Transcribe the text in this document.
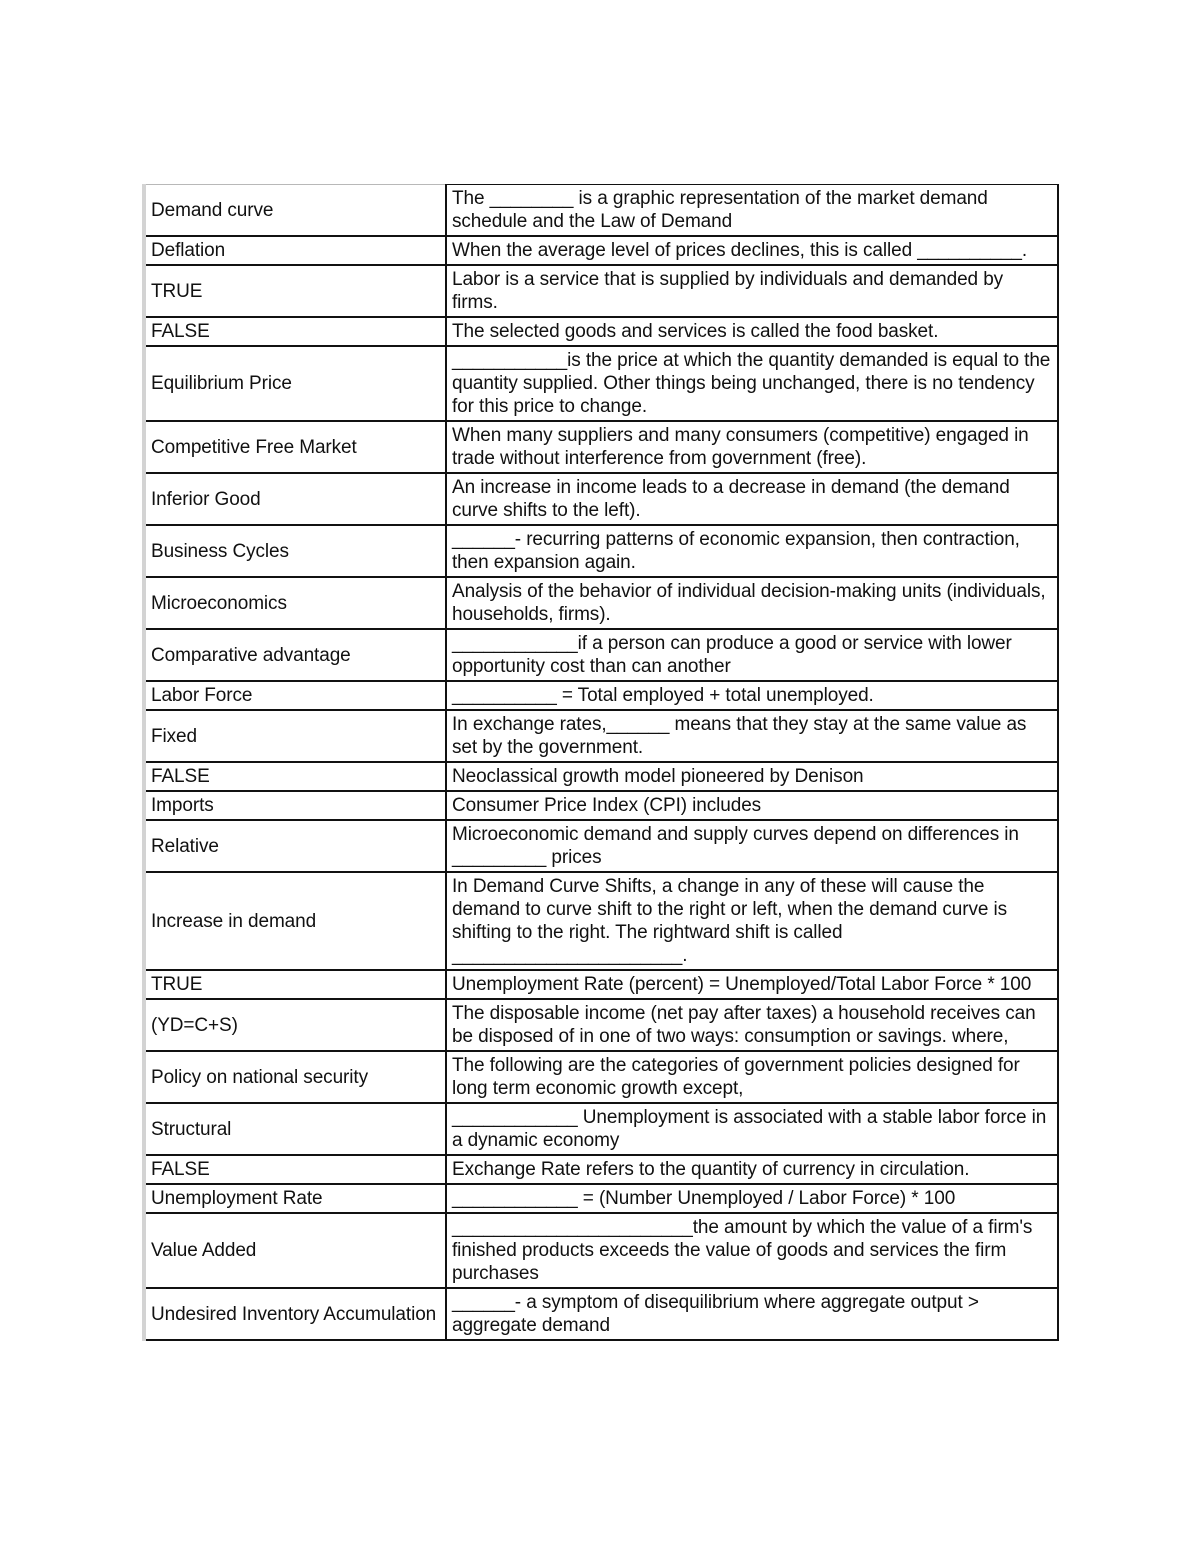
Demand curve	The ________ is a graphic representation of the market demand schedule and the Law of Demand
Deflation	When the average level of prices declines, this is called __________.
TRUE	Labor is a service that is supplied by individuals and demanded by firms.
FALSE	The selected goods and services is called the food basket.
Equilibrium Price	___________is the price at which the quantity demanded is equal to the quantity supplied. Other things being unchanged, there is no tendency for this price to change.
Competitive Free Market	When many suppliers and many consumers (competitive) engaged in trade without interference from government (free).
Inferior Good	An increase in income leads to a decrease in demand (the demand curve shifts to the left).
Business Cycles	______- recurring patterns of economic expansion, then contraction, then expansion again.
Microeconomics	Analysis of the behavior of individual decision-making units (individuals, households, firms).
Comparative advantage	____________if a person can produce a good or service with lower opportunity cost than can another
Labor Force	__________ = Total employed + total unemployed.
Fixed	In exchange rates,______ means that they stay at the same value as set by the government.
FALSE	Neoclassical growth model pioneered by Denison
Imports	Consumer Price Index (CPI) includes
Relative	Microeconomic demand and supply curves depend on differences in _________ prices
Increase in demand	In Demand Curve Shifts, a change in any of these will cause the demand to curve shift to the right or left, when the demand curve is shifting to the right. The rightward shift is called ______________________.
TRUE	Unemployment Rate (percent) = Unemployed/Total Labor Force * 100
(YD=C+S)	The disposable income (net pay after taxes) a household receives can be disposed of in one of two ways: consumption or savings. where,
Policy on national security	The following are the categories of government policies designed for long term economic growth except,
Structural	____________ Unemployment is associated with a stable labor force in a dynamic economy
FALSE	Exchange Rate refers to the quantity of currency in circulation.
Unemployment Rate	____________ = (Number Unemployed / Labor Force) * 100
Value Added	_______________________the amount by which the value of a firm's finished products exceeds the value of goods and services the firm purchases
Undesired Inventory Accumulation	______- a symptom of disequilibrium where aggregate output > aggregate demand
